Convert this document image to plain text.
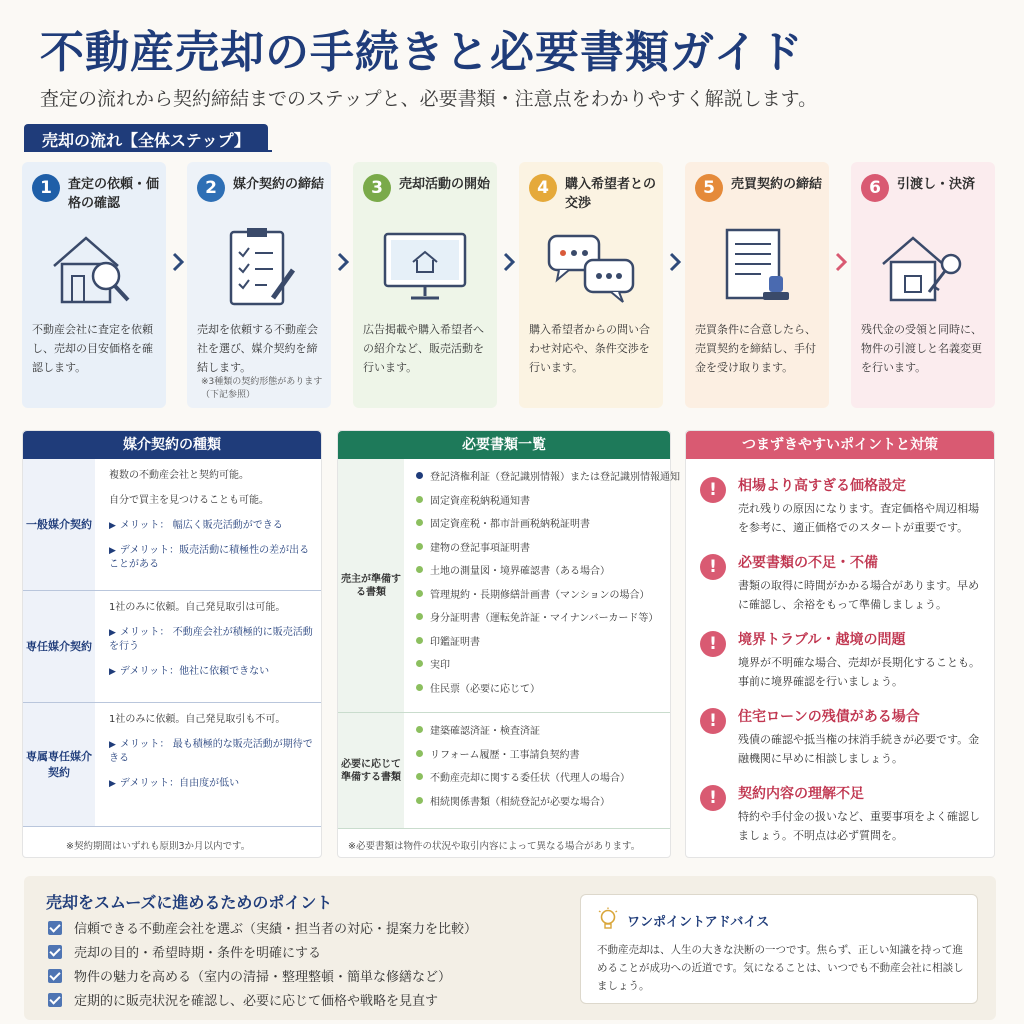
不動産売却の手続きと必要書類ガイド
査定の流れから契約締結までのステップと、必要書類・注意点をわかりやすく解説します。
売却の流れ【全体ステップ】
1	査定の依頼・価格の確認
不動産会社に査定を依頼し、売却の目安価格を確認します。
2	媒介契約の締結
売却を依頼する不動産会社を選び、媒介契約を締結します。
※3種類の契約形態があります（下記参照）
3	売却活動の開始
広告掲載や購入希望者への紹介など、販売活動を行います。
4	購入希望者との交渉
購入希望者からの問い合わせ対応や、条件交渉を行います。
5	売買契約の締結
売買条件に合意したら、売買契約を締結し、手付金を受け取ります。
6	引渡し・決済
残代金の受領と同時に、物件の引渡しと名義変更を行います。
媒介契約の種類
一般媒介契約
複数の不動産会社と契約可能。
自分で買主を見つけることも可能。
▶ メリット： 幅広く販売活動ができる
▶ デメリット：販売活動に積極性の差が出ることがある
専任媒介契約
1社のみに依頼。自己発見取引は可能。
▶ メリット： 不動産会社が積極的に販売活動を行う
▶ デメリット：他社に依頼できない
専属専任媒介契約
1社のみに依頼。自己発見取引も不可。
▶ メリット： 最も積極的な販売活動が期待できる
▶ デメリット：自由度が低い
※契約期間はいずれも原則3か月以内です。
必要書類一覧
売主が準備する書類
登記済権利証（登記識別情報）または登記識別情報通知
固定資産税納税通知書
固定資産税・都市計画税納税証明書
建物の登記事項証明書
土地の測量図・境界確認書（ある場合）
管理規約・長期修繕計画書（マンションの場合）
身分証明書（運転免許証・マイナンバーカード等）
印鑑証明書
実印
住民票（必要に応じて）
必要に応じて準備する書類
建築確認済証・検査済証
リフォーム履歴・工事請負契約書
不動産売却に関する委任状（代理人の場合）
相続関係書類（相続登記が必要な場合）
※必要書類は物件の状況や取引内容によって異なる場合があります。
つまずきやすいポイントと対策
!	相場より高すぎる価格設定
売れ残りの原因になります。査定価格や周辺相場を参考に、適正価格でのスタートが重要です。
!	必要書類の不足・不備
書類の取得に時間がかかる場合があります。早めに確認し、余裕をもって準備しましょう。
!	境界トラブル・越境の問題
境界が不明確な場合、売却が長期化することも。事前に境界確認を行いましょう。
!	住宅ローンの残債がある場合
残債の確認や抵当権の抹消手続きが必要です。金融機関に早めに相談しましょう。
!	契約内容の理解不足
特約や手付金の扱いなど、重要事項をよく確認しましょう。不明点は必ず質問を。
売却をスムーズに進めるためのポイント
信頼できる不動産会社を選ぶ（実績・担当者の対応・提案力を比較）
売却の目的・希望時期・条件を明確にする
物件の魅力を高める（室内の清掃・整理整頓・簡単な修繕など）
定期的に販売状況を確認し、必要に応じて価格や戦略を見直す
ワンポイントアドバイス
不動産売却は、人生の大きな決断の一つです。焦らず、正しい知識を持って進めることが成功への近道です。気になることは、いつでも不動産会社に相談しましょう。
